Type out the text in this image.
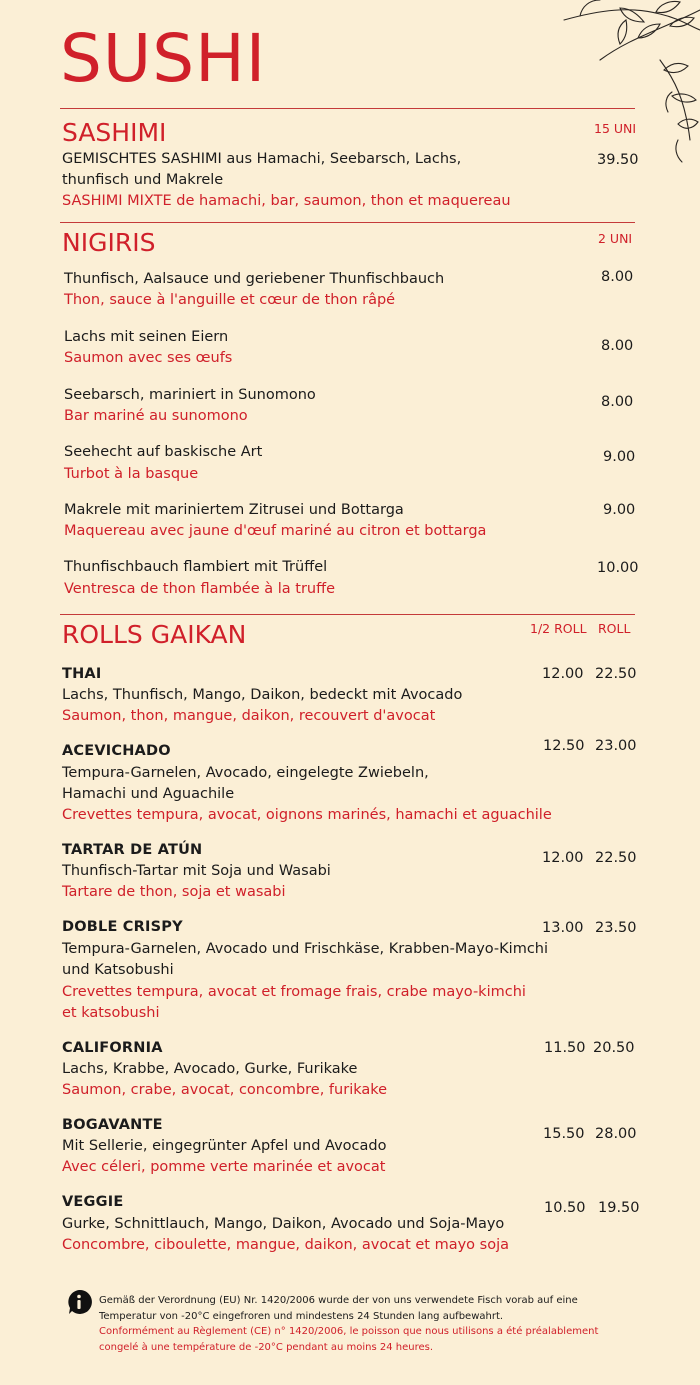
SUSHI
SASHIMI	15 UNI
GEMISCHTES SASHIMI aus Hamachi, Seebarsch, Lachs,
thunfisch und Makrele
39.50
SASHIMI MIXTE de hamachi, bar, saumon, thon et maquereau
NIGIRIS	2 UNI
Thunfisch, Aalsauce und geriebener Thunfischbauch
Thon, sauce à l'anguille et cœur de thon râpé
8.00
Lachs mit seinen Eiern
Saumon avec ses œufs
8.00
Seebarsch, mariniert in Sunomono
Bar mariné au sunomono
8.00
Seehecht auf baskische Art
Turbot à la basque
9.00
Makrele mit mariniertem Zitrusei und Bottarga
Maquereau avec jaune d'œuf mariné au citron et bottarga
9.00
Thunfischbauch flambiert mit Trüffel
Ventresca de thon flambée à la truffe
10.00
ROLLS GAIKAN	1/2 ROLL ROLL
THAI	12.00 22.50
Lachs, Thunfisch, Mango, Daikon, bedeckt mit Avocado
Saumon, thon, mangue, daikon, recouvert d'avocat
ACEVICHADO	12.50 23.00
Tempura-Garnelen, Avocado, eingelegte Zwiebeln,
Hamachi und Aguachile
Crevettes tempura, avocat, oignons marinés, hamachi et aguachile
TARTAR DE ATÚN	12.00 22.50
Thunfisch-Tartar mit Soja und Wasabi
Tartare de thon, soja et wasabi
DOBLE CRISPY	13.00 23.50
Tempura-Garnelen, Avocado und Frischkäse, Krabben-Mayo-Kimchi
und Katsobushi
Crevettes tempura, avocat et fromage frais, crabe mayo-kimchi
et katsobushi
CALIFORNIA	11.50 20.50
Lachs, Krabbe, Avocado, Gurke, Furikake
Saumon, crabe, avocat, concombre, furikake
BOGAVANTE
15.50 28.00
Mit Sellerie, eingegrünter Apfel und Avocado
Avec céleri, pomme verte marinée et avocat
VEGGIE	10.50 19.50
Gurke, Schnittlauch, Mango, Daikon, Avocado und Soja-Mayo
Concombre, ciboulette, mangue, daikon, avocat et mayo soja
Gemäß der Verordnung (EU) Nr. 1420/2006 wurde der von uns verwendete Fisch vorab auf eine
Temperatur von -20°C eingefroren und mindestens 24 Stunden lang aufbewahrt.
Conformément au Règlement (CE) n° 1420/2006, le poisson que nous utilisons a été préalablement
congelé à une température de -20°C pendant au moins 24 heures.
